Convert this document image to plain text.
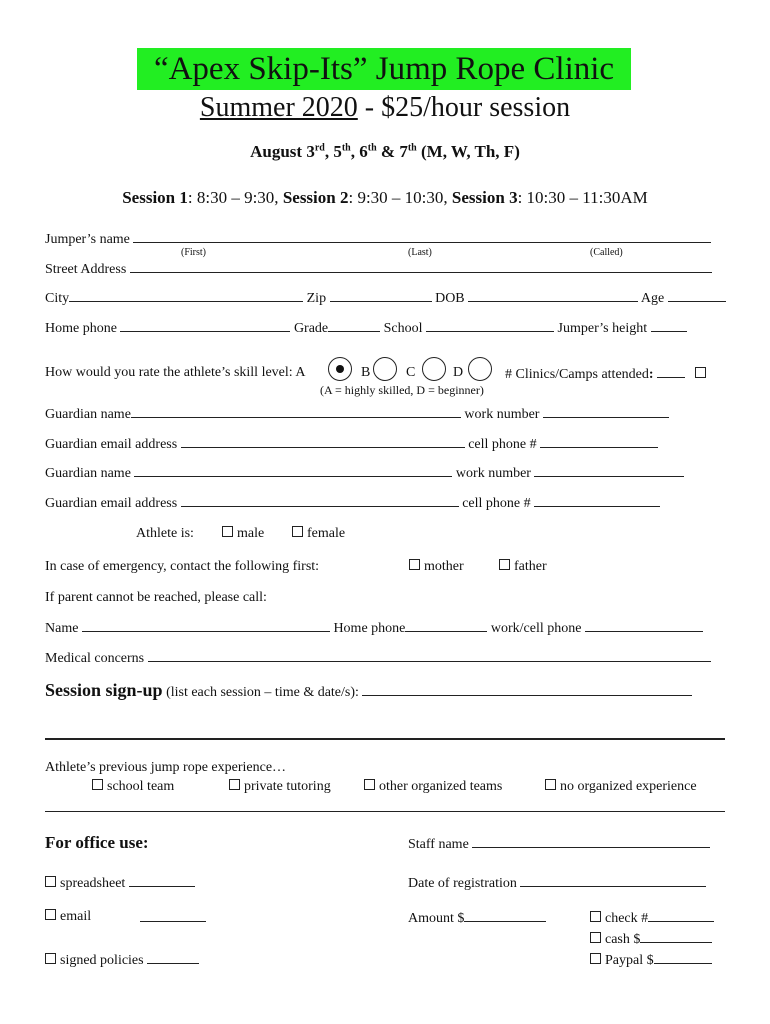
“Apex Skip-Its” Jump Rope Clinic
Summer 2020 - $25/hour session
August 3rd, 5th, 6th & 7th (M, W, Th, F)
Session 1: 8:30 – 9:30, Session 2: 9:30 – 10:30, Session 3: 10:30 – 11:30AM
Jumper’s name
(First)	(Last)	(Called)
Street Address
City	Zip	DOB	Age
Home phone	Grade	School	Jumper’s height
How would you rate the athlete’s skill level: A	B	C	D	# Clinics/Camps attended:
(A = highly skilled, D = beginner)
Guardian name	work number
Guardian email address	cell phone #
Guardian name	work number
Guardian email address	cell phone #
Athlete is:	male	female
In case of emergency, contact the following first:	mother	father
If parent cannot be reached, please call:
Name	Home phone	work/cell phone
Medical concerns
Session sign-up (list each session – time & date/s):
Athlete’s previous jump rope experience…
school team	private tutoring	other organized teams	no organized experience
For office use:	Staff name
spreadsheet	Date of registration
email	Amount $	check #
cash $
signed policies	Paypal $
